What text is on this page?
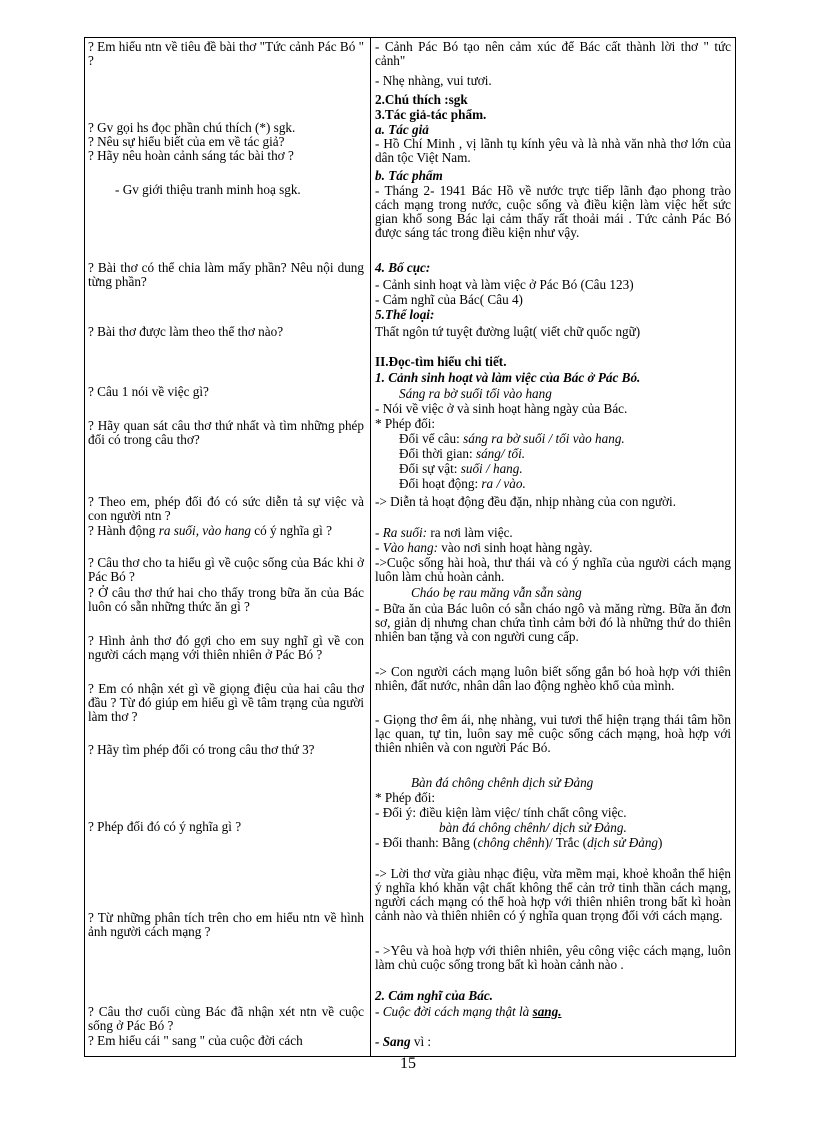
? Em hiểu ntn về tiêu đề bài thơ "Tức cảnh Pác Bó " ?

? Gv gọi hs đọc phần chú thích (*) sgk.

? Nêu sự hiểu biết của em về tác giả?

? Hãy nêu hoàn cảnh sáng tác bài thơ ?

- Gv giới thiệu tranh minh hoạ sgk.

? Bài thơ có thể chia làm mấy phần? Nêu nội dung từng phần?

? Bài thơ được làm theo thể thơ nào?

? Câu 1 nói về việc gì?

? Hãy quan sát câu thơ thứ nhất và tìm những phép đối có trong câu thơ?

? Theo em, phép đối đó có sức diễn tả sự việc và con người ntn ?

? Hành động ra suối, vào hang có ý nghĩa gì ?

? Câu thơ cho ta hiểu gì về cuộc sống của Bác khi ở Pác Bó ?

? Ở câu thơ thứ hai cho thấy trong bữa ăn của Bác luôn có sẵn những thức ăn gì ?

? Hình ảnh thơ đó gợi cho em suy nghĩ gì về con người cách mạng với thiên nhiên ở Pác Bó ?

? Em có nhận xét gì về giọng điệu của hai câu thơ đầu ? Từ đó giúp em hiểu gì về tâm trạng của người làm thơ ?

? Hãy tìm phép đối có trong câu thơ thứ 3?

? Phép đối đó có ý nghĩa gì ?

? Từ những phân tích trên cho em hiểu ntn về hình ảnh người cách mạng ?

? Câu thơ cuối cùng Bác đã nhận xét ntn về cuộc sống ở Pác Bó ?

? Em hiểu cái " sang " của cuộc đời cách

- Cảnh Pác Bó tạo nên cảm xúc để Bác cất thành lời thơ " tức cảnh"

- Nhẹ nhàng, vui tươi.

2.Chú thích :sgk

3.Tác giả-tác phẩm.

a. Tác giả

- Hồ Chí Minh , vị lãnh tụ kính yêu và là nhà văn nhà thơ lớn của dân tộc Việt Nam.

b. Tác phẩm

- Tháng 2- 1941 Bác Hồ về nước trực tiếp lãnh đạo phong trào cách mạng trong nước, cuộc sống và điều kiện làm việc hết sức gian khổ song Bác lại cảm thấy rất thoải mái . Tức cảnh Pác Bó được sáng tác trong điều kiện như vậy.

4. Bố cục:

- Cảnh sinh hoạt và làm việc ở Pác Bó (Câu 123)

- Cảm nghĩ của Bác( Câu 4)

5.Thể loại:

Thất ngôn tứ tuyệt đường luật( viết chữ quốc ngữ)

II.Đọc-tìm hiểu chi tiết.

1. Cảnh sinh hoạt và làm việc của Bác ở Pác Bó.

Sáng ra bờ suối tối vào hang

- Nói về việc ở và sinh hoạt hàng ngày của Bác.

* Phép đối:

Đối vế câu: sáng ra bờ suối / tối vào hang.

Đối thời gian: sáng/ tối.

Đối sự vật: suối / hang.

Đối hoạt động: ra / vào.

-> Diễn tả hoạt động đều đặn, nhịp nhàng của con người.

- Ra suối: ra nơi làm việc.

- Vào hang: vào nơi sinh hoạt hàng ngày.

->Cuộc sống hài hoà, thư thái và có ý nghĩa của người cách mạng luôn làm chủ hoàn cảnh.

Cháo bẹ rau măng vẫn sẵn sàng

- Bữa ăn của Bác luôn có sẵn cháo ngô và măng rừng. Bữa ăn đơn sơ, giản dị nhưng chan chứa tình cảm bởi đó là những thứ do thiên nhiên ban tặng và con người cung cấp.

-> Con người cách mạng luôn biết sống gắn bó hoà hợp với thiên nhiên, đất nước, nhân dân lao động nghèo khổ của mình.

- Giọng thơ êm ái, nhẹ nhàng, vui tươi thể hiện trạng thái tâm hồn lạc quan, tự tin, luôn say mê cuộc sống cách mạng, hoà hợp với thiên nhiên và con người Pác Bó.

Bàn đá chông chênh dịch sử Đảng

* Phép đối:

- Đối ý: điều kiện làm việc/ tính chất công việc.

bàn đá chông chênh/ dịch sử Đảng.

- Đối thanh: Bằng (chông chênh)/ Trắc (dịch sử Đảng)

-> Lời thơ vừa giàu nhạc điệu, vừa mềm mại, khoẻ khoắn thể hiện ý nghĩa khó khăn vật chất không thể cản trở tinh thần cách mạng, người cách mạng có thể hoà hợp với thiên nhiên trong bất kì hoàn cảnh nào và thiên nhiên có ý nghĩa quan trọng đối với cách mạng.

- >Yêu và hoà hợp với thiên nhiên, yêu công việc cách mạng, luôn làm chủ cuộc sống trong bất kì hoàn cảnh nào .

2. Cảm nghĩ của Bác.

- Cuộc đời cách mạng thật là sang.

- Sang vì :

15
